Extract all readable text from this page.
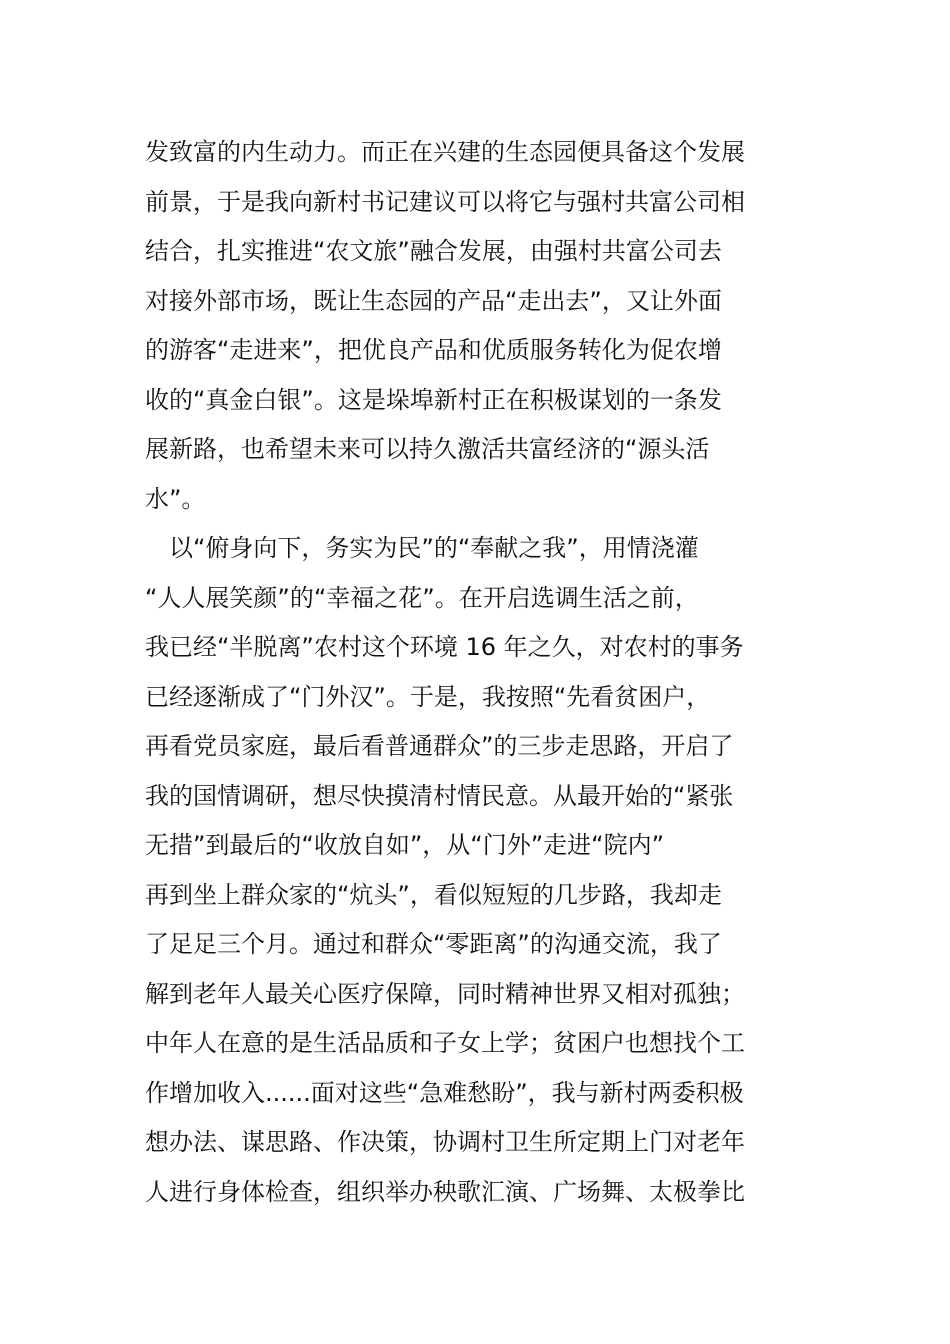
发致富的内生动力。而正在兴建的生态园便具备这个发展
前景，于是我向新村书记建议可以将它与强村共富公司相
结合，扎实推进“农文旅”融合发展，由强村共富公司去
对接外部市场，既让生态园的产品“走出去”，又让外面
的游客“走进来”，把优良产品和优质服务转化为促农增
收的“真金白银”。这是垛埠新村正在积极谋划的一条发
展新路，也希望未来可以持久激活共富经济的“源头活
水”。
　以“俯身向下，务实为民”的“奉献之我”，用情浇灌
“人人展笑颜”的“幸福之花”。在开启选调生活之前，
我已经“半脱离”农村这个环境 16 年之久，对农村的事务
已经逐渐成了“门外汉”。于是，我按照“先看贫困户，
再看党员家庭，最后看普通群众”的三步走思路，开启了
我的国情调研，想尽快摸清村情民意。从最开始的“紧张
无措”到最后的“收放自如”，从“门外”走进“院内”
再到坐上群众家的“炕头”，看似短短的几步路，我却走
了足足三个月。通过和群众“零距离”的沟通交流，我了
解到老年人最关心医疗保障，同时精神世界又相对孤独；
中年人在意的是生活品质和子女上学；贫困户也想找个工
作增加收入......面对这些“急难愁盼”，我与新村两委积极
想办法、谋思路、作决策，协调村卫生所定期上门对老年
人进行身体检查，组织举办秧歌汇演、广场舞、太极拳比
